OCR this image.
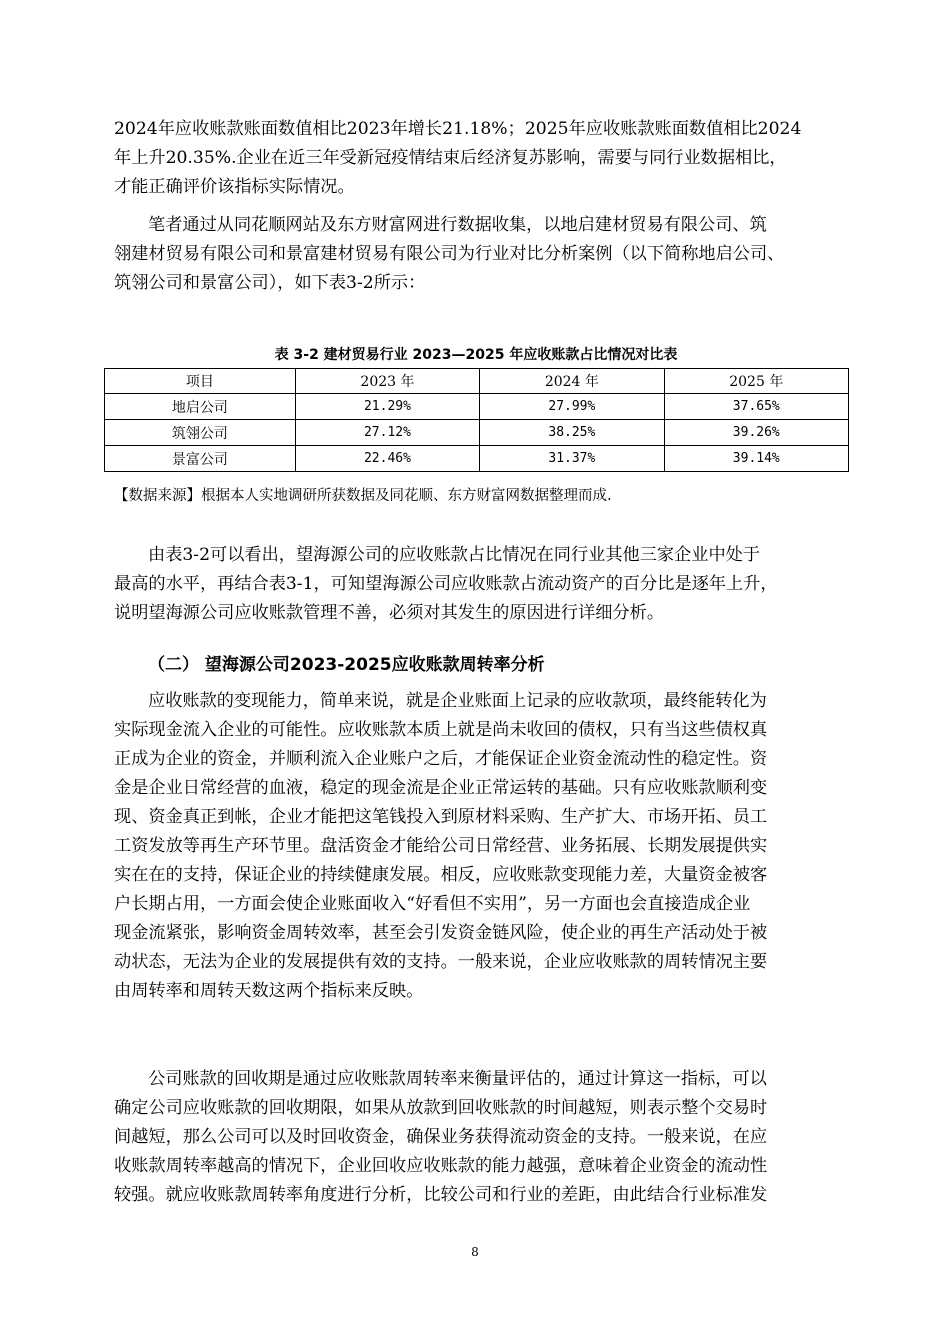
2024年应收账款账面数值相比2023年增长21.18%；2025年应收账款账面数值相比2024
年上升20.35%.企业在近三年受新冠疫情结束后经济复苏影响，需要与同行业数据相比，
才能正确评价该指标实际情况。
笔者通过从同花顺网站及东方财富网进行数据收集，以地启建材贸易有限公司、筑
翎建材贸易有限公司和景富建材贸易有限公司为行业对比分析案例（以下简称地启公司、
筑翎公司和景富公司），如下表3-2所示：
表 3-2 建材贸易行业 2023—2025 年应收账款占比情况对比表
项目	2023 年	2024 年	2025 年
地启公司	21.29%	27.99%	37.65%
筑翎公司	27.12%	38.25%	39.26%
景富公司	22.46%	31.37%	39.14%
【数据来源】根据本人实地调研所获数据及同花顺、东方财富网数据整理而成.
由表3-2可以看出，望海源公司的应收账款占比情况在同行业其他三家企业中处于
最高的水平，再结合表3-1，可知望海源公司应收账款占流动资产的百分比是逐年上升，
说明望海源公司应收账款管理不善，必须对其发生的原因进行详细分析。
（二） 望海源公司2023-2025应收账款周转率分析
应收账款的变现能力，简单来说，就是企业账面上记录的应收款项，最终能转化为
实际现金流入企业的可能性。应收账款本质上就是尚未收回的债权，只有当这些债权真
正成为企业的资金，并顺利流入企业账户之后，才能保证企业资金流动性的稳定性。资
金是企业日常经营的血液，稳定的现金流是企业正常运转的基础。只有应收账款顺利变
现、资金真正到帐，企业才能把这笔钱投入到原材料采购、生产扩大、市场开拓、员工
工资发放等再生产环节里。盘活资金才能给公司日常经营、业务拓展、长期发展提供实
实在在的支持，保证企业的持续健康发展。相反，应收账款变现能力差，大量资金被客
户长期占用，一方面会使企业账面收入“好看但不实用”，另一方面也会直接造成企业
现金流紧张，影响资金周转效率，甚至会引发资金链风险，使企业的再生产活动处于被
动状态，无法为企业的发展提供有效的支持。一般来说，企业应收账款的周转情况主要
由周转率和周转天数这两个指标来反映。
公司账款的回收期是通过应收账款周转率来衡量评估的，通过计算这一指标，可以
确定公司应收账款的回收期限，如果从放款到回收账款的时间越短，则表示整个交易时
间越短，那么公司可以及时回收资金，确保业务获得流动资金的支持。一般来说，在应
收账款周转率越高的情况下，企业回收应收账款的能力越强，意味着企业资金的流动性
较强。就应收账款周转率角度进行分析，比较公司和行业的差距，由此结合行业标准发
8
